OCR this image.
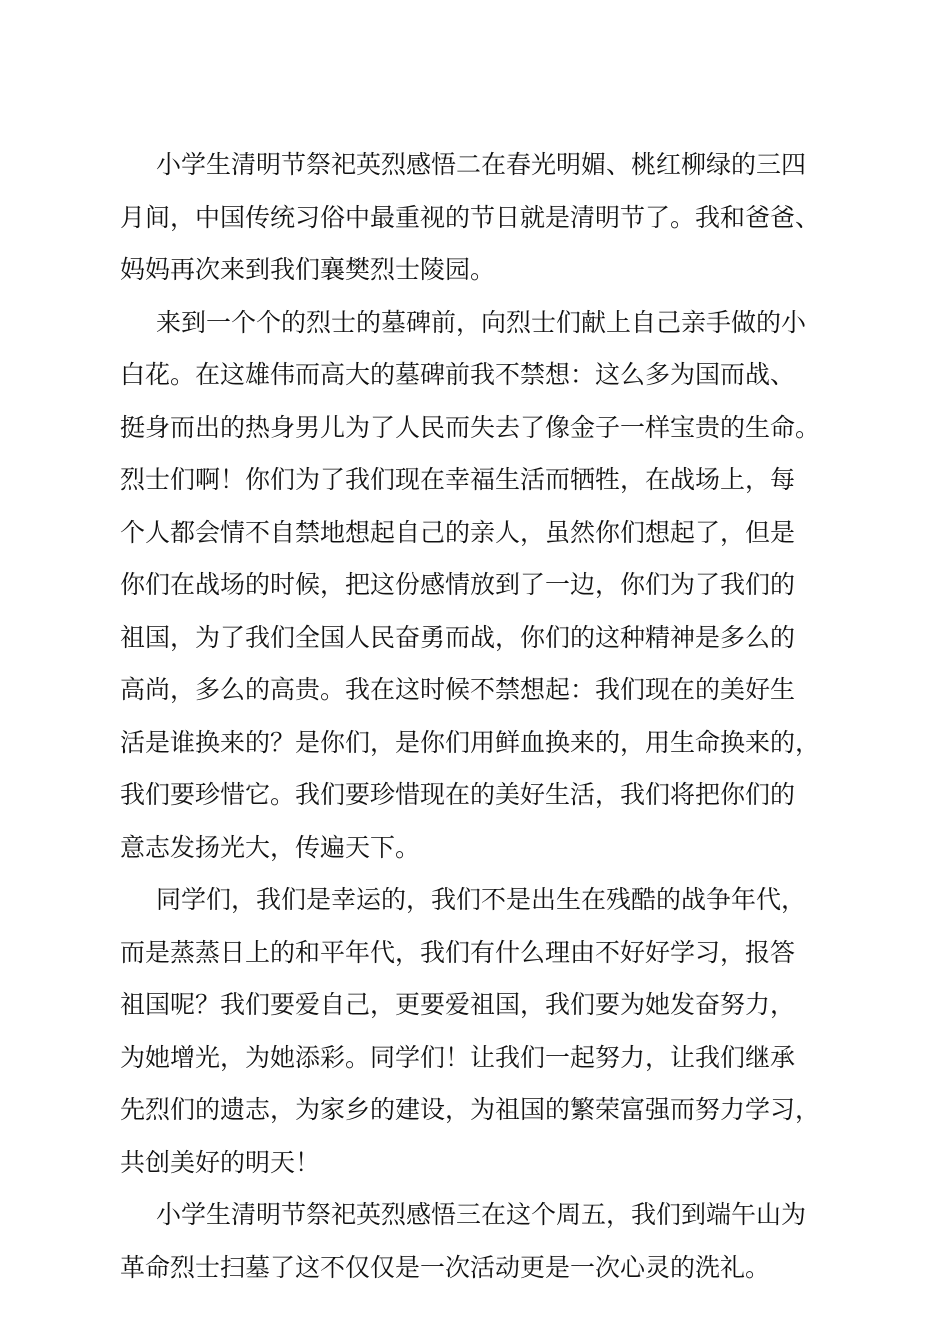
小学生清明节祭祀英烈感悟二在春光明媚、桃红柳绿的三四
月间，中国传统习俗中最重视的节日就是清明节了。我和爸爸、
妈妈再次来到我们襄樊烈士陵园。
来到一个个的烈士的墓碑前，向烈士们献上自己亲手做的小
白花。在这雄伟而高大的墓碑前我不禁想：这么多为国而战、
挺身而出的热身男儿为了人民而失去了像金子一样宝贵的生命。
烈士们啊！你们为了我们现在幸福生活而牺牲，在战场上，每
个人都会情不自禁地想起自己的亲人，虽然你们想起了，但是
你们在战场的时候，把这份感情放到了一边，你们为了我们的
祖国，为了我们全国人民奋勇而战，你们的这种精神是多么的
高尚，多么的高贵。我在这时候不禁想起：我们现在的美好生
活是谁换来的？是你们，是你们用鲜血换来的，用生命换来的，
我们要珍惜它。我们要珍惜现在的美好生活，我们将把你们的
意志发扬光大，传遍天下。
同学们，我们是幸运的，我们不是出生在残酷的战争年代，
而是蒸蒸日上的和平年代，我们有什么理由不好好学习，报答
祖国呢？我们要爱自己，更要爱祖国，我们要为她发奋努力，
为她增光，为她添彩。同学们！让我们一起努力，让我们继承
先烈们的遗志，为家乡的建设，为祖国的繁荣富强而努力学习，
共创美好的明天！
小学生清明节祭祀英烈感悟三在这个周五，我们到端午山为
革命烈士扫墓了这不仅仅是一次活动更是一次心灵的洗礼。
